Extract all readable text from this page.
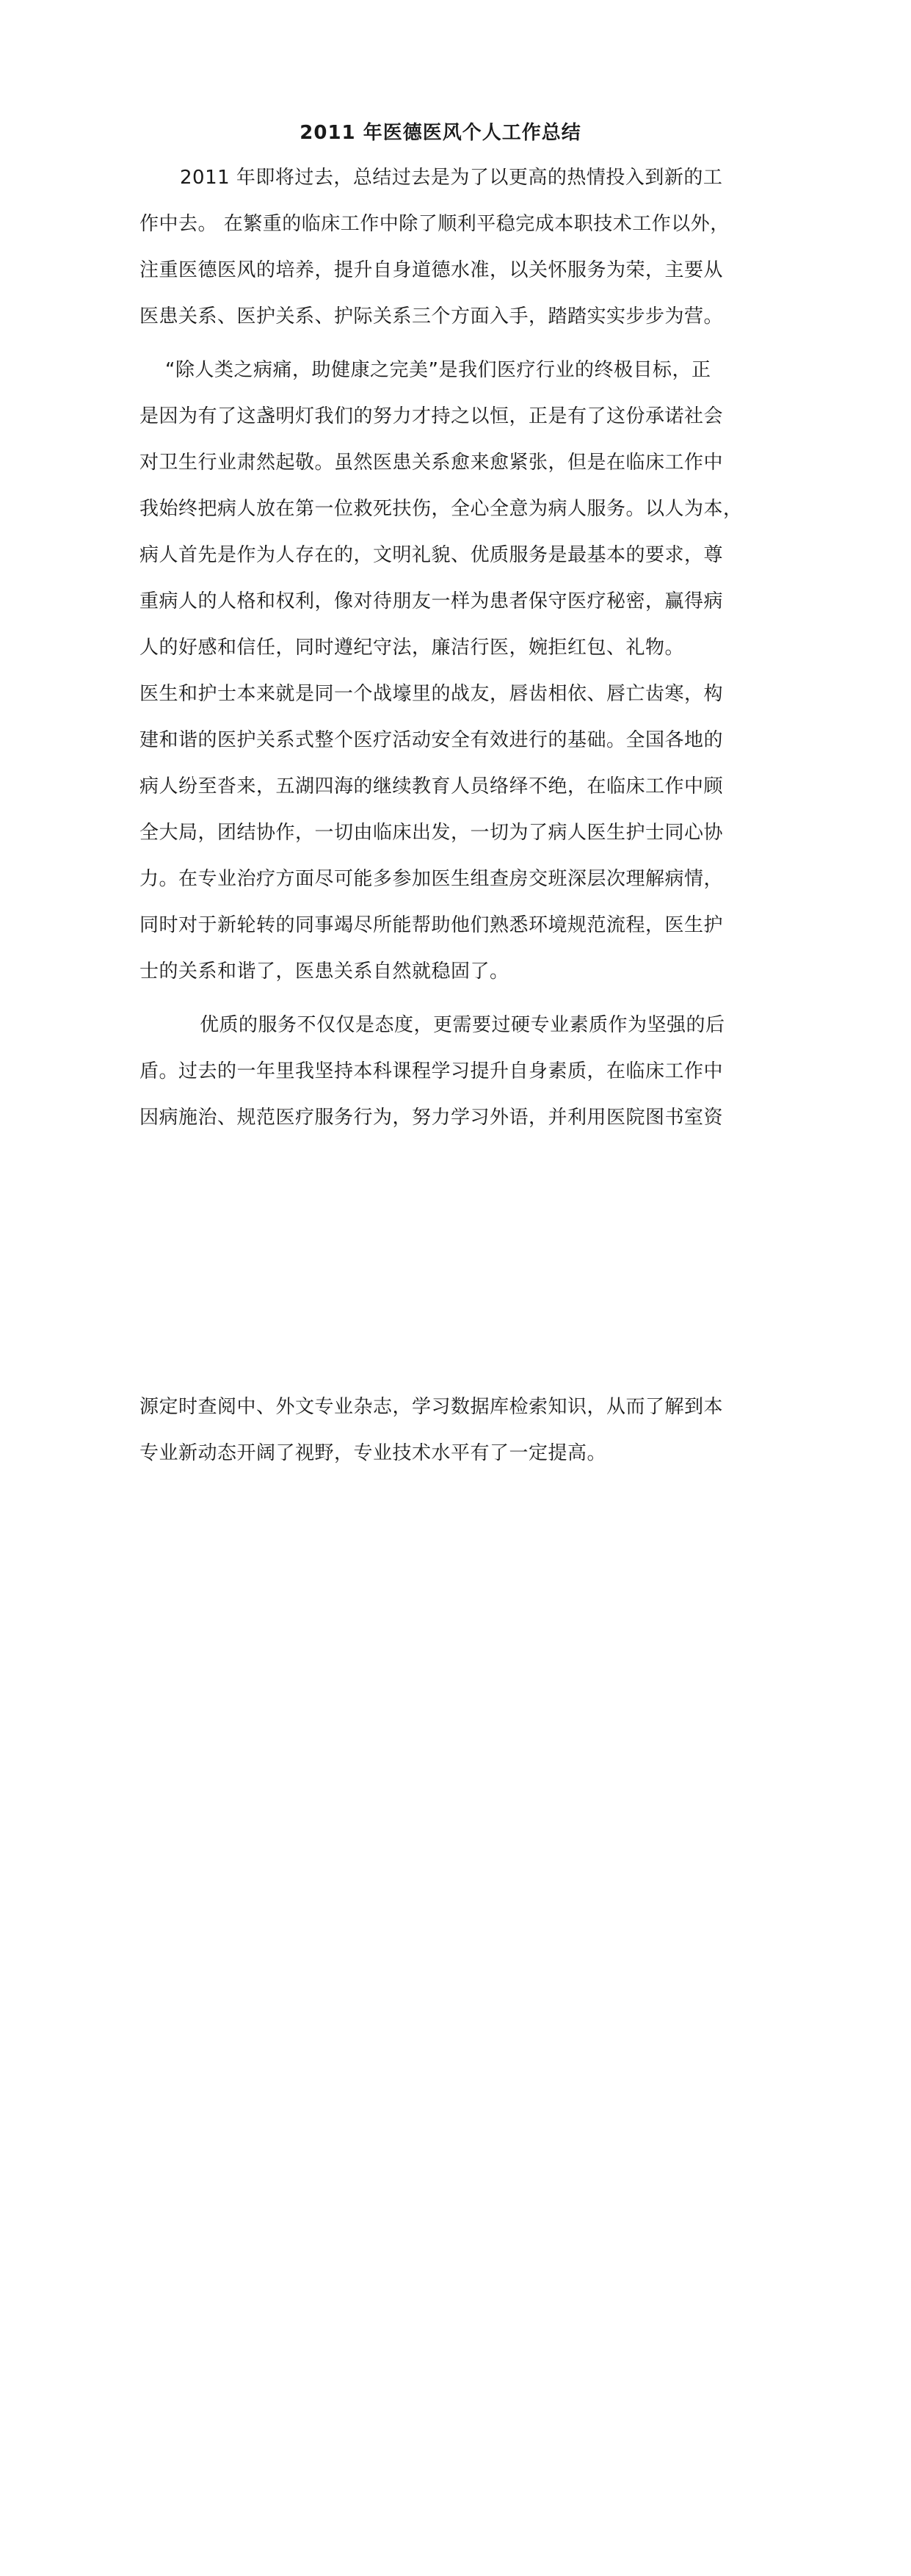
2011 年医德医风个人工作总结
2011 年即将过去，总结过去是为了以更高的热情投入到新的工
作中去。 在繁重的临床工作中除了顺利平稳完成本职技术工作以外，
注重医德医风的培养，提升自身道德水准，以关怀服务为荣，主要从
医患关系、医护关系、护际关系三个方面入手，踏踏实实步步为营。
“除人类之病痛，助健康之完美”是我们医疗行业的终极目标，正
是因为有了这盏明灯我们的努力才持之以恒，正是有了这份承诺社会
对卫生行业肃然起敬。虽然医患关系愈来愈紧张，但是在临床工作中
我始终把病人放在第一位救死扶伤，全心全意为病人服务。以人为本，
病人首先是作为人存在的，文明礼貌、优质服务是最基本的要求，尊
重病人的人格和权利，像对待朋友一样为患者保守医疗秘密，赢得病
人的好感和信任，同时遵纪守法，廉洁行医，婉拒红包、礼物。
医生和护士本来就是同一个战壕里的战友，唇齿相依、唇亡齿寒，构
建和谐的医护关系式整个医疗活动安全有效进行的基础。全国各地的
病人纷至沓来，五湖四海的继续教育人员络绎不绝，在临床工作中顾
全大局，团结协作，一切由临床出发，一切为了病人医生护士同心协
力。在专业治疗方面尽可能多参加医生组查房交班深层次理解病情，
同时对于新轮转的同事竭尽所能帮助他们熟悉环境规范流程，医生护
士的关系和谐了，医患关系自然就稳固了。
优质的服务不仅仅是态度，更需要过硬专业素质作为坚强的后
盾。过去的一年里我坚持本科课程学习提升自身素质，在临床工作中
因病施治、规范医疗服务行为，努力学习外语，并利用医院图书室资
源定时查阅中、外文专业杂志，学习数据库检索知识，从而了解到本
专业新动态开阔了视野，专业技术水平有了一定提高。
